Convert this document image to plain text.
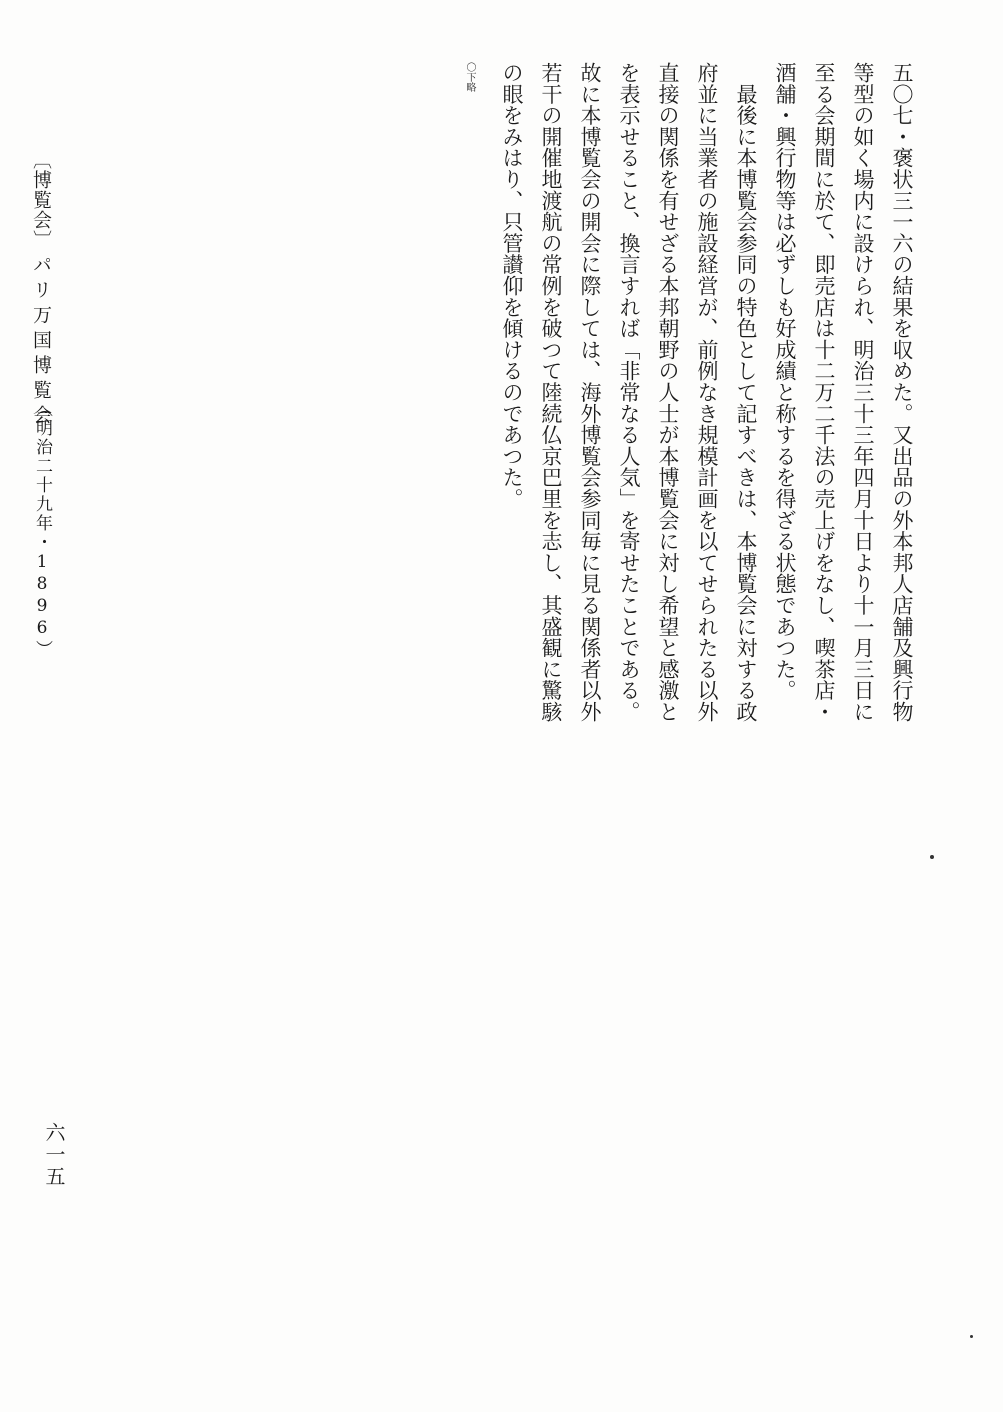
〔博覧会〕
パリ万国博覧会
（明治二十九年・1896）
六一五
五〇七・褒状三一六の結果を収めた。又出品の外本邦人店舗及興行物
等型の如く場内に設けられ、明治三十三年四月十日より十一月三日に
至る会期間に於て、即売店は十二万二千法の売上げをなし、喫茶店・
酒舗・興行物等は必ずしも好成績と称するを得ざる状態であつた。
　最後に本博覧会参同の特色として記すべきは、本博覧会に対する政
府並に当業者の施設経営が、前例なき規模計画を以てせられたる以外
直接の関係を有せざる本邦朝野の人士が本博覧会に対し希望と感激と
を表示せること、換言すれば「非常なる人気」を寄せたことである。
故に本博覧会の開会に際しては、海外博覧会参同毎に見る関係者以外
若干の開催地渡航の常例を破つて陸続仏京巴里を志し、其盛観に驚駭
の眼をみはり、只管讃仰を傾けるのであつた。
〇下略
